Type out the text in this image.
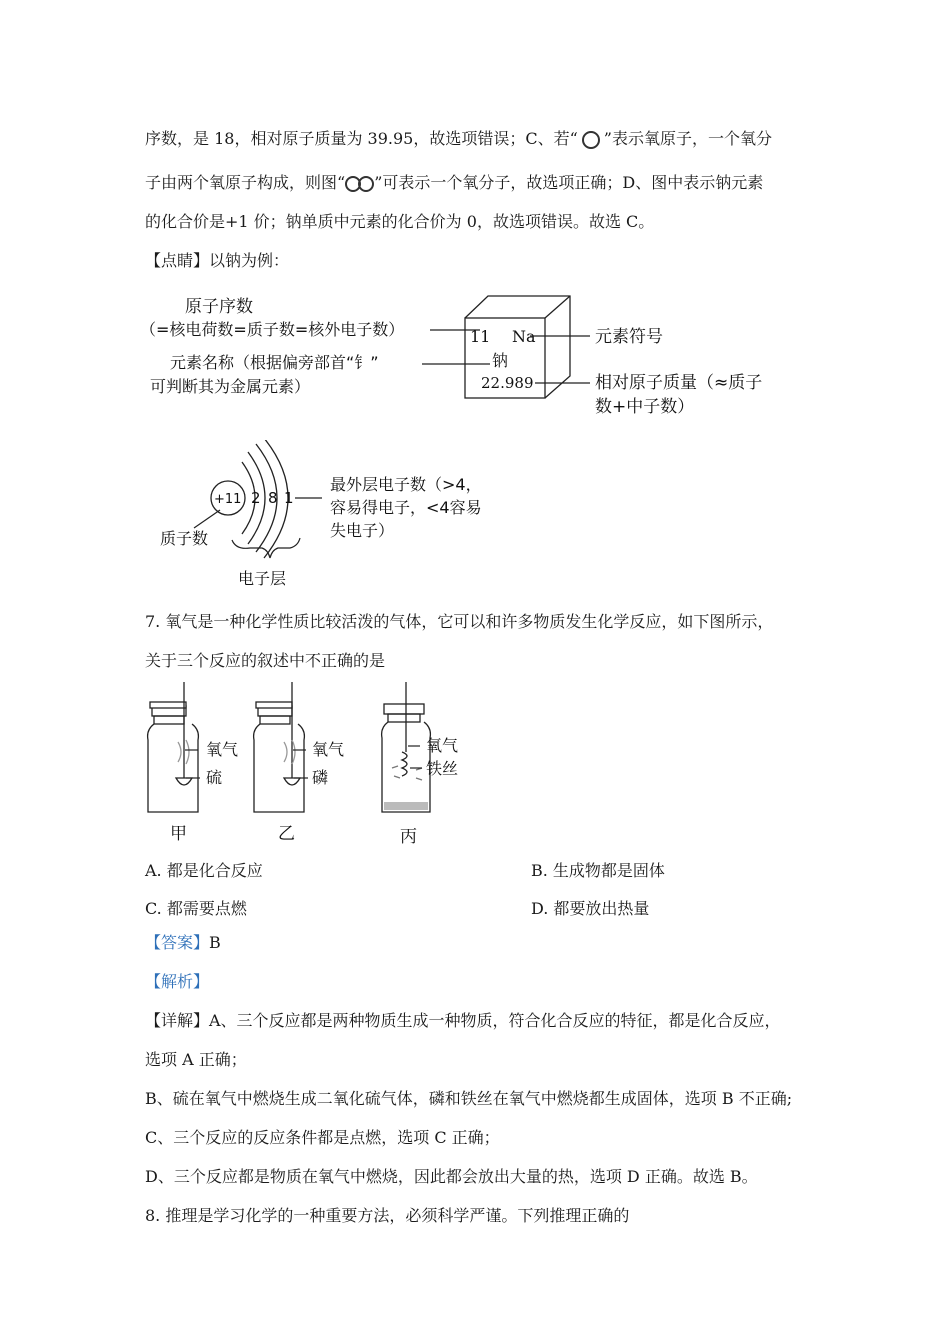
序数，是 18，相对原子质量为 39.95，故选项错误；C、若“ ”表示氧原子，一个氧分
子由两个氧原子构成，则图“ ”可表示一个氧分子，故选项正确；D、图中表示钠元素
的化合价是+1 价；钠单质中元素的化合价为 0，故选项错误。故选 C。
【点睛】以钠为例：
原子序数
（=核电荷数=质子数=核外电子数）
元素名称（根据偏旁部首“钅”
可判断其为金属元素）
11 Na
钠
22.989
元素符号
相对原子质量（≈质子
数+中子数）
+11 2 8 1
最外层电子数（>4，
容易得电子，<4容易
失电子）
质子数
电子层
7. 氧气是一种化学性质比较活泼的气体，它可以和许多物质发生化学反应，如下图所示，
关于三个反应的叙述中不正确的是
氧气
硫
甲
氧气
磷
乙
氧气
铁丝
丙
A. 都是化合反应	B. 生成物都是固体
C. 都需要点燃	D. 都要放出热量
【答案】B
【解析】
【详解】A、三个反应都是两种物质生成一种物质，符合化合反应的特征，都是化合反应，
选项 A 正确；
B、硫在氧气中燃烧生成二氧化硫气体，磷和铁丝在氧气中燃烧都生成固体，选项 B 不正确;
C、三个反应的反应条件都是点燃，选项 C 正确；
D、三个反应都是物质在氧气中燃烧，因此都会放出大量的热，选项 D 正确。故选 B。
8. 推理是学习化学的一种重要方法，必须科学严谨。下列推理正确的
